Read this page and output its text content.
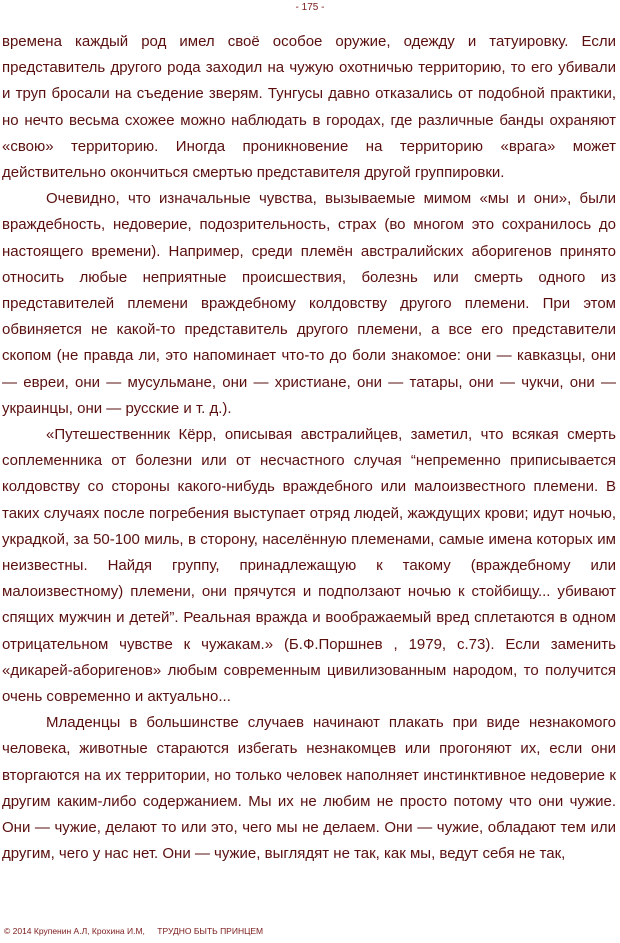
- 175 -

времена каждый род имел своё особое оружие, одежду и татуировку. Если представитель другого рода заходил на чужую охотничью территорию, то его убивали и труп бросали на съедение зверям. Тунгусы давно отказались от подобной практики, но нечто весьма схожее можно наблюдать в городах, где различные банды охраняют «свою» территорию. Иногда проникновение на территорию «врага» может действительно окончиться смертью представителя другой группировки.

Очевидно, что изначальные чувства, вызываемые мимом «мы и они», были враждебность, недоверие, подозрительность, страх (во многом это сохранилось до настоящего времени). Например, среди племён австралийских аборигенов принято относить любые неприятные происшествия, болезнь или смерть одного из представителей племени враждебному колдовству другого племени. При этом обвиняется не какой-то представитель другого племени, а все его представители скопом (не правда ли, это напоминает что-то до боли знакомое: они — кавказцы, они — евреи, они — мусульмане, они — христиане, они — татары, они — чукчи, они — украинцы, они — русские и т. д.).

«Путешественник Кёрр, описывая австралийцев, заметил, что всякая смерть соплеменника от болезни или от несчастного случая “непременно приписывается колдовству со стороны какого-нибудь враждебного или малоизвестного племени. В таких случаях после погребения выступает отряд людей, жаждущих крови; идут ночью, украдкой, за 50-100 миль, в сторону, населённую племенами, самые имена которых им неизвестны. Найдя группу, принадлежащую к такому (враждебному или малоизвестному) племени, они прячутся и подползают ночью к стойбищу... убивают спящих мужчин и детей”. Реальная вражда и воображаемый вред сплетаются в одном отрицательном чувстве к чужакам.» (Б.Ф.Поршнев , 1979, с.73). Если заменить «дикарей-аборигенов» любым современным цивилизованным народом, то получится очень современно и актуально...

Младенцы в большинстве случаев начинают плакать при виде незнакомого человека, животные стараются избегать незнакомцев или прогоняют их, если они вторгаются на их территории, но только человек наполняет инстинктивное недоверие к другим каким-либо содержанием. Мы их не любим не просто потому что они чужие. Они — чужие, делают то или это, чего мы не делаем. Они — чужие, обладают тем или другим, чего у нас нет. Они — чужие, выглядят не так, как мы, ведут себя не так,

© 2014 Крупенин А.Л, Крохина И.М, ТРУДНО БЫТЬ ПРИНЦЕМ
